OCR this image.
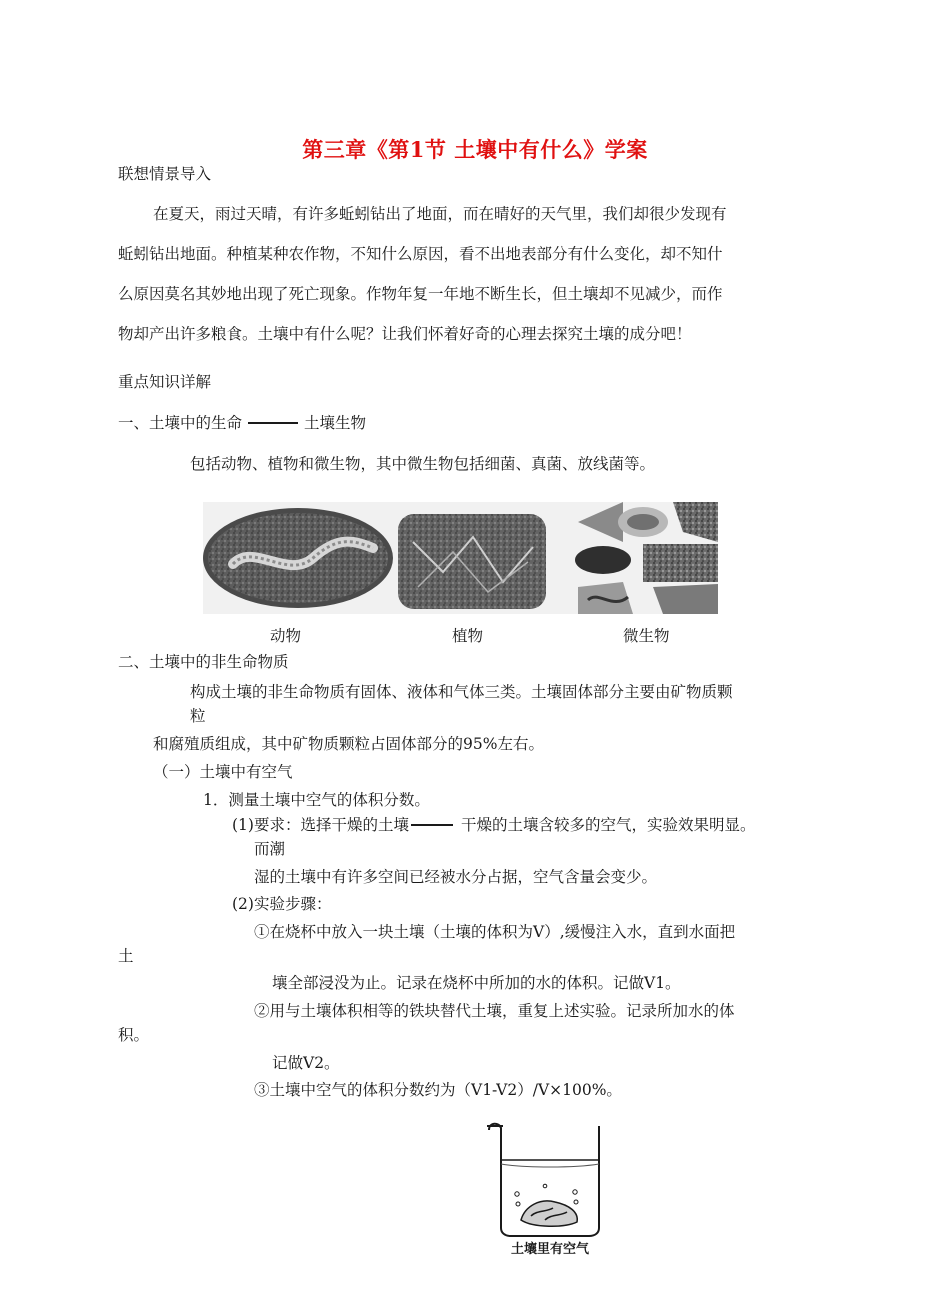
第三章《第1节 土壤中有什么》学案
联想情景导入
在夏天，雨过天晴，有许多蚯蚓钻出了地面，而在晴好的天气里，我们却很少发现有
蚯蚓钻出地面。种植某种农作物，不知什么原因，看不出地表部分有什么变化，却不知什
么原因莫名其妙地出现了死亡现象。作物年复一年地不断生长，但土壤却不见减少，而作
物却产出许多粮食。土壤中有什么呢？让我们怀着好奇的心理去探究土壤的成分吧！
重点知识详解
一、土壤中的生命	土壤生物
包括动物、植物和微生物，其中微生物包括细菌、真菌、放线菌等。
动物	植物	微生物
二、土壤中的非生命物质
构成土壤的非生命物质有固体、液体和气体三类。土壤固体部分主要由矿物质颗
粒
和腐殖质组成，其中矿物质颗粒占固体部分的95%左右。
（一）土壤中有空气
1．测量土壤中空气的体积分数。
(1)要求：选择干燥的土壤	干燥的土壤含较多的空气，实验效果明显。
而潮
湿的土壤中有许多空间已经被水分占据，空气含量会变少。
(2)实验步骤：
①在烧杯中放入一块土壤（土壤的体积为V）,缓慢注入水，直到水面把
土
壤全部浸没为止。记录在烧杯中所加的水的体积。记做V1。
②用与土壤体积相等的铁块替代土壤，重复上述实验。记录所加水的体
积。
记做V2。
③土壤中空气的体积分数约为（V1-V2）/V×100%。
土壤里有空气
